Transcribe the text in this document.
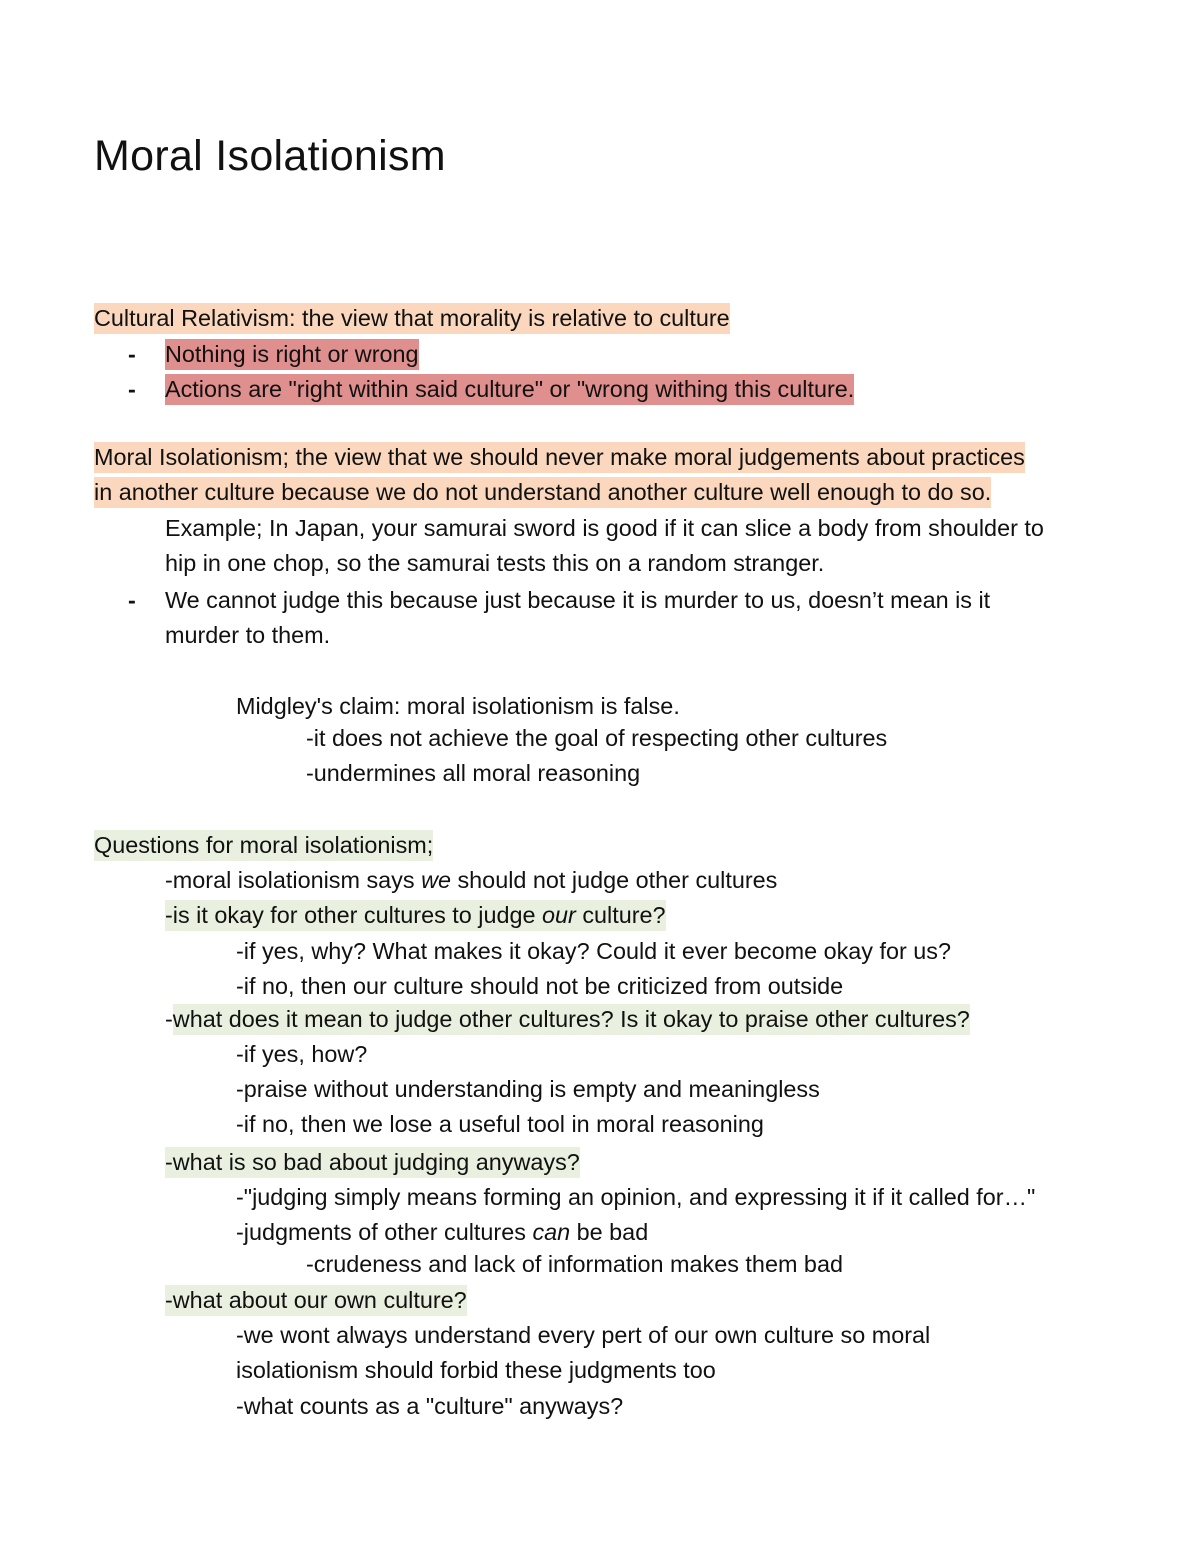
Moral Isolationism
Cultural Relativism: the view that morality is relative to culture
- Nothing is right or wrong
- Actions are "right within said culture" or "wrong withing this culture.
Moral Isolationism; the view that we should never make moral judgements about practices
in another culture because we do not understand another culture well enough to do so.
Example; In Japan, your samurai sword is good if it can slice a body from shoulder to
hip in one chop, so the samurai tests this on a random stranger.
- We cannot judge this because just because it is murder to us, doesn’t mean is it
murder to them.
Midgley's claim: moral isolationism is false.
-it does not achieve the goal of respecting other cultures
-undermines all moral reasoning
Questions for moral isolationism;
-moral isolationism says we should not judge other cultures
-is it okay for other cultures to judge our culture?
-if yes, why? What makes it okay? Could it ever become okay for us?
-if no, then our culture should not be criticized from outside
-what does it mean to judge other cultures? Is it okay to praise other cultures?
-if yes, how?
-praise without understanding is empty and meaningless
-if no, then we lose a useful tool in moral reasoning
-what is so bad about judging anyways?
-"judging simply means forming an opinion, and expressing it if it called for…"
-judgments of other cultures can be bad
-crudeness and lack of information makes them bad
-what about our own culture?
-we wont always understand every pert of our own culture so moral
isolationism should forbid these judgments too
-what counts as a "culture" anyways?
